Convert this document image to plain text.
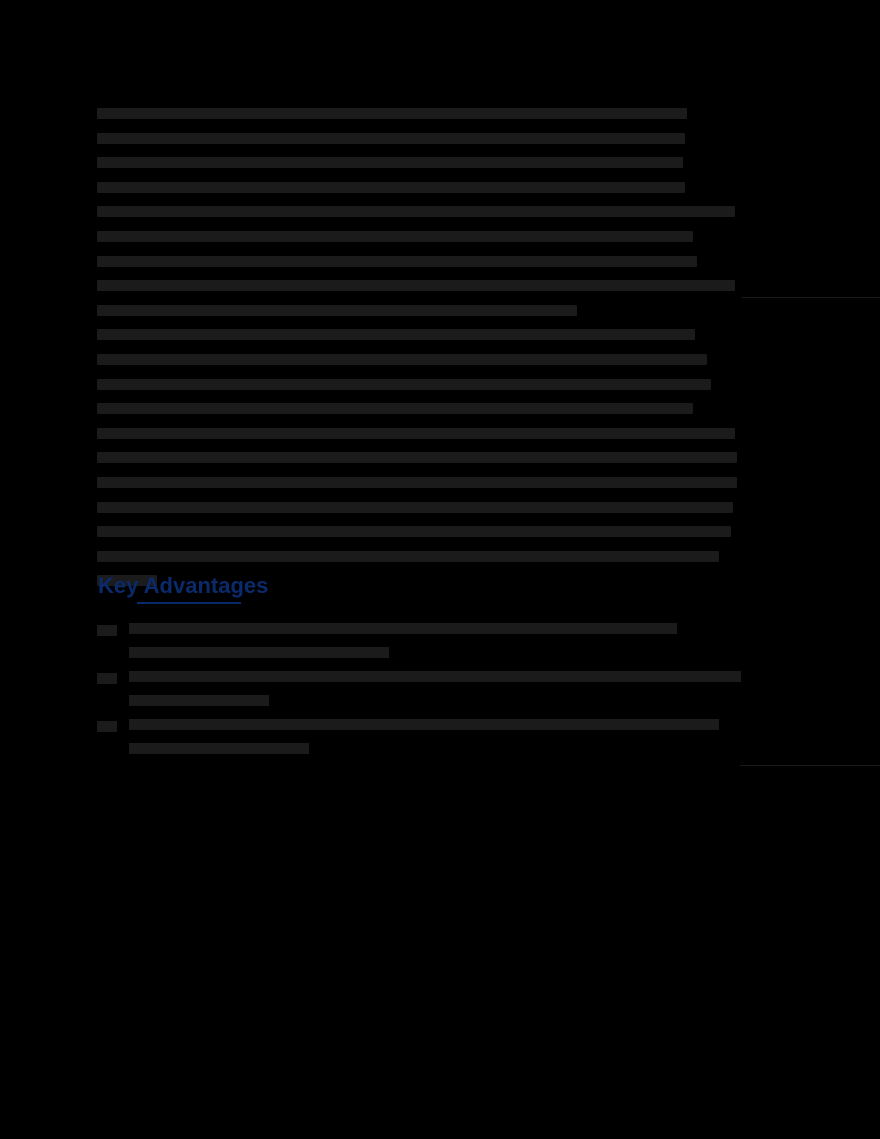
Key Advantages
